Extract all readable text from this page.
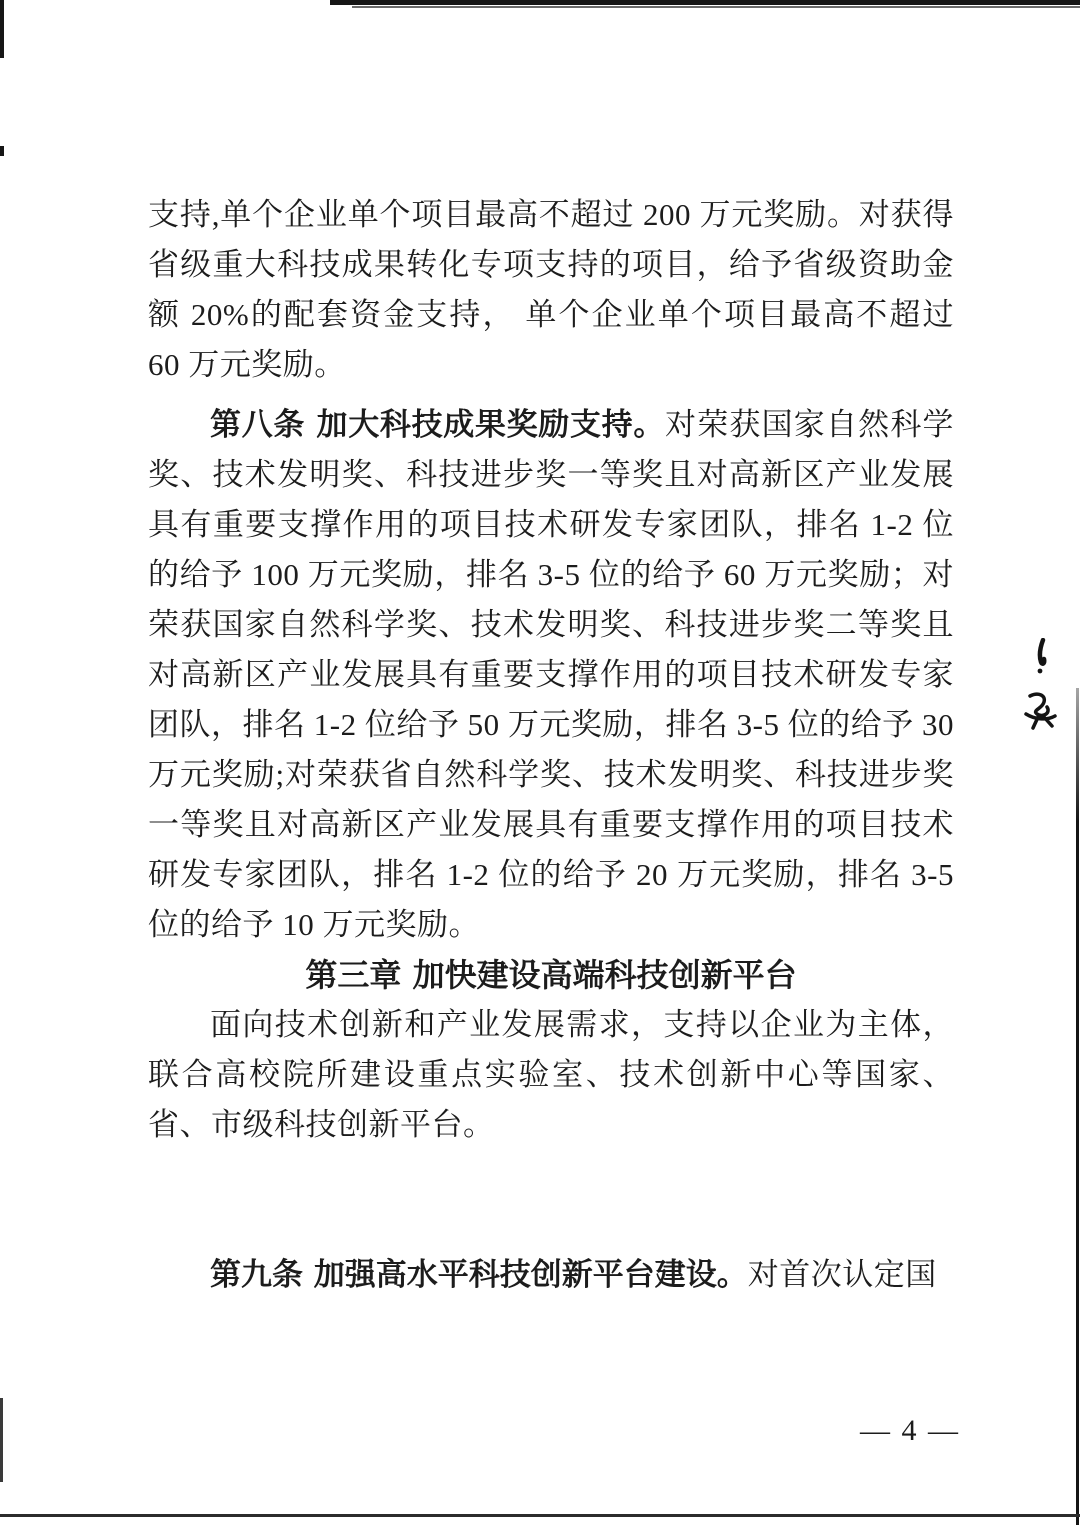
支持,单个企业单个项目最高不超过 200 万元奖励。对获得省级重大科技成果转化专项支持的项目，给予省级资助金额 20%的配套资金支持， 单个企业单个项目最高不超过 60 万元奖励。

第八条 加大科技成果奖励支持。对荣获国家自然科学奖、技术发明奖、科技进步奖一等奖且对高新区产业发展具有重要支撑作用的项目技术研发专家团队，排名 1-2 位的给予 100 万元奖励，排名 3-5 位的给予 60 万元奖励；对荣获国家自然科学奖、技术发明奖、科技进步奖二等奖且对高新区产业发展具有重要支撑作用的项目技术研发专家团队，排名 1-2 位给予 50 万元奖励，排名 3-5 位的给予 30 万元奖励;对荣获省自然科学奖、技术发明奖、科技进步奖一等奖且对高新区产业发展具有重要支撑作用的项目技术研发专家团队，排名 1-2 位的给予 20 万元奖励，排名 3-5 位的给予 10 万元奖励。

第三章 加快建设高端科技创新平台

面向技术创新和产业发展需求，支持以企业为主体，联合高校院所建设重点实验室、技术创新中心等国家、省、市级科技创新平台。

第九条 加强高水平科技创新平台建设。对首次认定国

— 4 —
